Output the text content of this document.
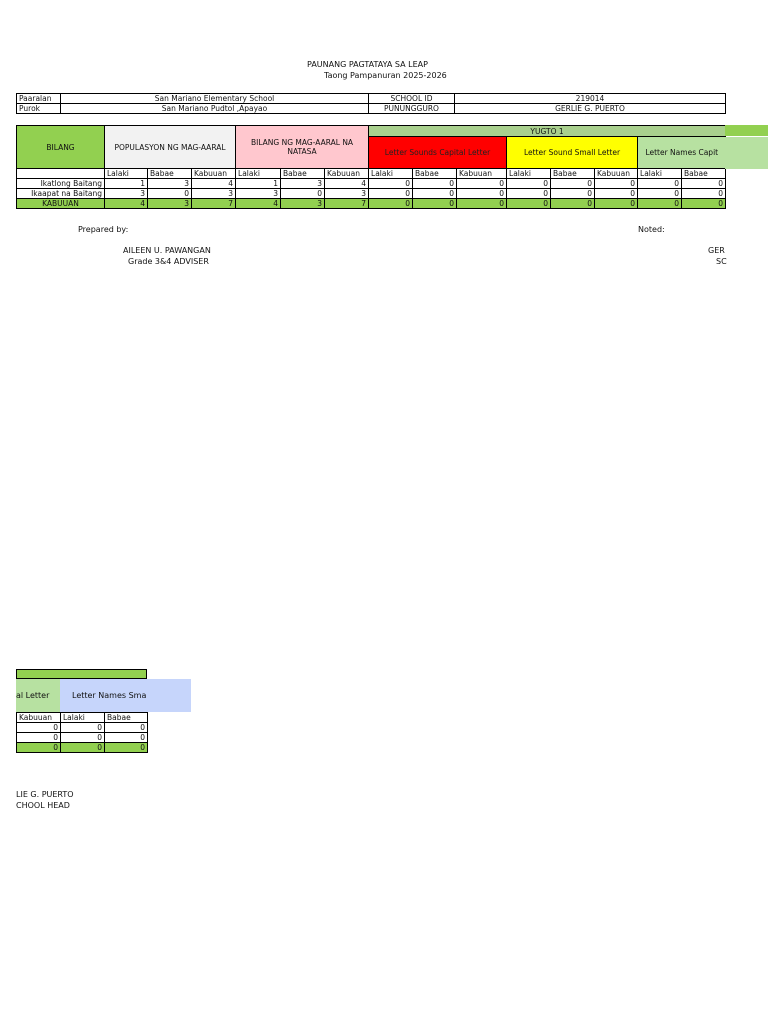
PAUNANG PAGTATAYA SA LEAP
Taong Pampanuran 2025-2026
Paaralan	San Mariano Elementary School	SCHOOL ID	219014
Purok	San Mariano Pudtol ,Apayao	PUNUNGGURO	GERLIE G. PUERTO
BILANG	POPULASYON NG MAG-AARAL			BILANG NG MAG-AARAL NA NATASA			YUGTO 1							
							Letter Sounds Capital Letter			Letter Sound Small Letter			Letter Names Capit	

	Lalaki	Babae	Kabuuan	Lalaki	Babae	Kabuuan	Lalaki	Babae	Kabuuan	Lalaki	Babae	Kabuuan	Lalaki	Babae
Ikatlong Baitang	1	3	4	1	3	4	0	0	0	0	0	0	0	0
Ikaapat na Baitang	3	0	3	3	0	3	0	0	0	0	0	0	0	0
KABUUAN	4	3	7	4	3	7	0	0	0	0	0	0	0	0
Prepared by:	Noted:
AILEEN U. PAWANGAN
Grade 3&4 ADVISER
GER
SC
al Letter	Letter Names Sma
Kabuuan	Lalaki	Babae
0	0	0
0	0	0
0	0	0
LIE G. PUERTO
CHOOL HEAD
